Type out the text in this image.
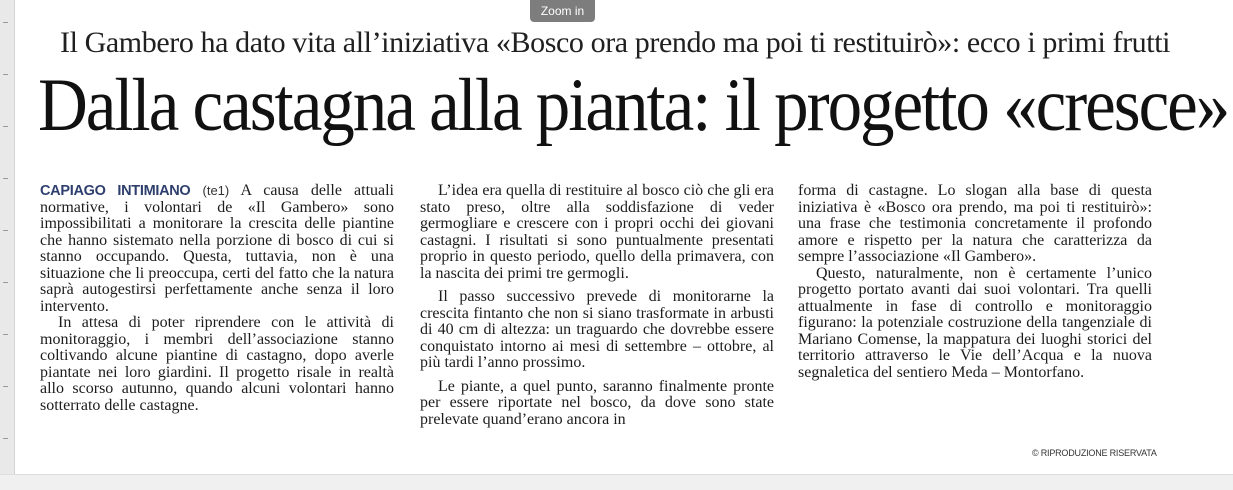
Zoom in
Il Gambero ha dato vita all’iniziativa «Bosco ora prendo ma poi ti restituirò»: ecco i primi frutti
Dalla castagna alla pianta: il progetto «cresce»

CAPIAGO INTIMIANO (te1) A causa delle attuali normative, i volontari de «Il Gambero» sono impossibilitati a monitorare la crescita delle piantine che hanno sistemato nella porzione di bosco di cui si stanno occupando. Questa, tuttavia, non è una situazione che li preoccupa, certi del fatto che la natura saprà autogestirsi perfettamente anche senza il loro intervento.

In attesa di poter riprendere con le attività di monitoraggio, i membri dell’associazione stanno coltivando alcune piantine di castagno, dopo averle piantate nei loro giardini. Il progetto risale in realtà allo scorso autunno, quando alcuni volontari hanno sotterrato delle castagne.

L’idea era quella di restituire al bosco ciò che gli era stato preso, oltre alla soddisfazione di veder germogliare e crescere con i propri occhi dei giovani castagni. I risultati si sono puntualmente presentati proprio in questo periodo, quello della primavera, con la nascita dei primi tre germogli.

Il passo successivo prevede di monitorarne la crescita fintanto che non si siano trasformate in arbusti di 40 cm di altezza: un traguardo che dovrebbe essere conquistato intorno ai mesi di settembre – ottobre, al più tardi l’anno prossimo.

Le piante, a quel punto, saranno finalmente pronte per essere riportate nel bosco, da dove sono state prelevate quand’erano ancora in

forma di castagne. Lo slogan alla base di questa iniziativa è «Bosco ora prendo, ma poi ti restituirò»: una frase che testimonia concretamente il profondo amore e rispetto per la natura che caratterizza da sempre l’associazione «Il Gambero».

Questo, naturalmente, non è certamente l’unico progetto portato avanti dai suoi volontari. Tra quelli attualmente in fase di controllo e monitoraggio figurano: la potenziale costruzione della tangenziale di Mariano Comense, la mappatura dei luoghi storici del territorio attraverso le Vie dell’Acqua e la nuova segnaletica del sentiero Meda – Montorfano.

© RIPRODUZIONE RISERVATA
